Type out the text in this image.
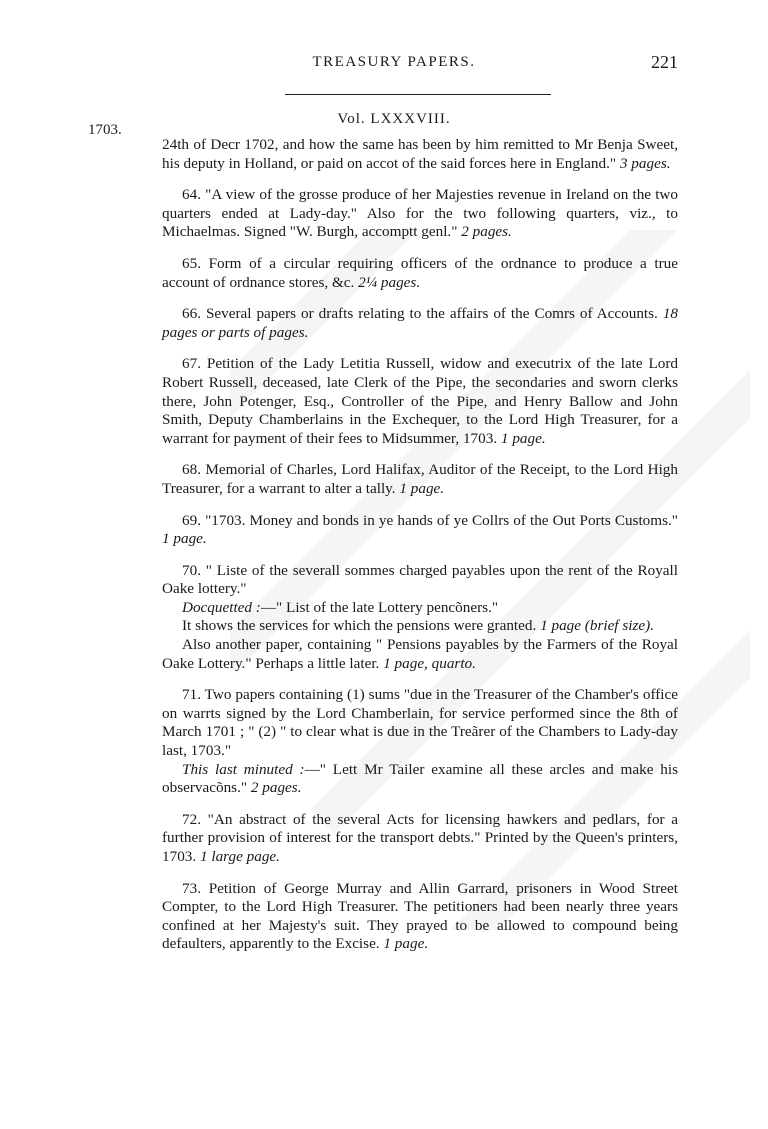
TREASURY PAPERS.	221
Vol. LXXXVIII.
1703.

24th of Decr 1702, and how the same has been by him remitted to Mr Benja Sweet, his deputy in Holland, or paid on accot of the said forces here in England." 3 pages.

64. "A view of the grosse produce of her Majesties revenue in Ireland on the two quarters ended at Lady-day." Also for the two following quarters, viz., to Michaelmas. Signed "W. Burgh, accomptt genl." 2 pages.

65. Form of a circular requiring officers of the ordnance to produce a true account of ordnance stores, &c. 2¼ pages.

66. Several papers or drafts relating to the affairs of the Comrs of Accounts. 18 pages or parts of pages.

67. Petition of the Lady Letitia Russell, widow and executrix of the late Lord Robert Russell, deceased, late Clerk of the Pipe, the secondaries and sworn clerks there, John Potenger, Esq., Controller of the Pipe, and Henry Ballow and John Smith, Deputy Chamberlains in the Exchequer, to the Lord High Treasurer, for a warrant for payment of their fees to Midsummer, 1703. 1 page.

68. Memorial of Charles, Lord Halifax, Auditor of the Receipt, to the Lord High Treasurer, for a warrant to alter a tally. 1 page.

69. "1703. Money and bonds in ye hands of ye Collrs of the Out Ports Customs." 1 page.

70. " Liste of the severall sommes charged payables upon the rent of the Royall Oake lottery."

Docquetted :—" List of the late Lottery pencõners."

It shows the services for which the pensions were granted. 1 page (brief size).

Also another paper, containing " Pensions payables by the Farmers of the Royal Oake Lottery." Perhaps a little later. 1 page, quarto.

71. Two papers containing (1) sums "due in the Treasurer of the Chamber's office on warrts signed by the Lord Chamberlain, for service performed since the 8th of March 1701 ; " (2) " to clear what is due in the Treãrer of the Chambers to Lady-day last, 1703."

This last minuted :—" Lett Mr Tailer examine all these arcles and make his observacõns." 2 pages.

72. "An abstract of the several Acts for licensing hawkers and pedlars, for a further provision of interest for the transport debts." Printed by the Queen's printers, 1703. 1 large page.

73. Petition of George Murray and Allin Garrard, prisoners in Wood Street Compter, to the Lord High Treasurer. The petitioners had been nearly three years confined at her Majesty's suit. They prayed to be allowed to compound being defaulters, apparently to the Excise. 1 page.
